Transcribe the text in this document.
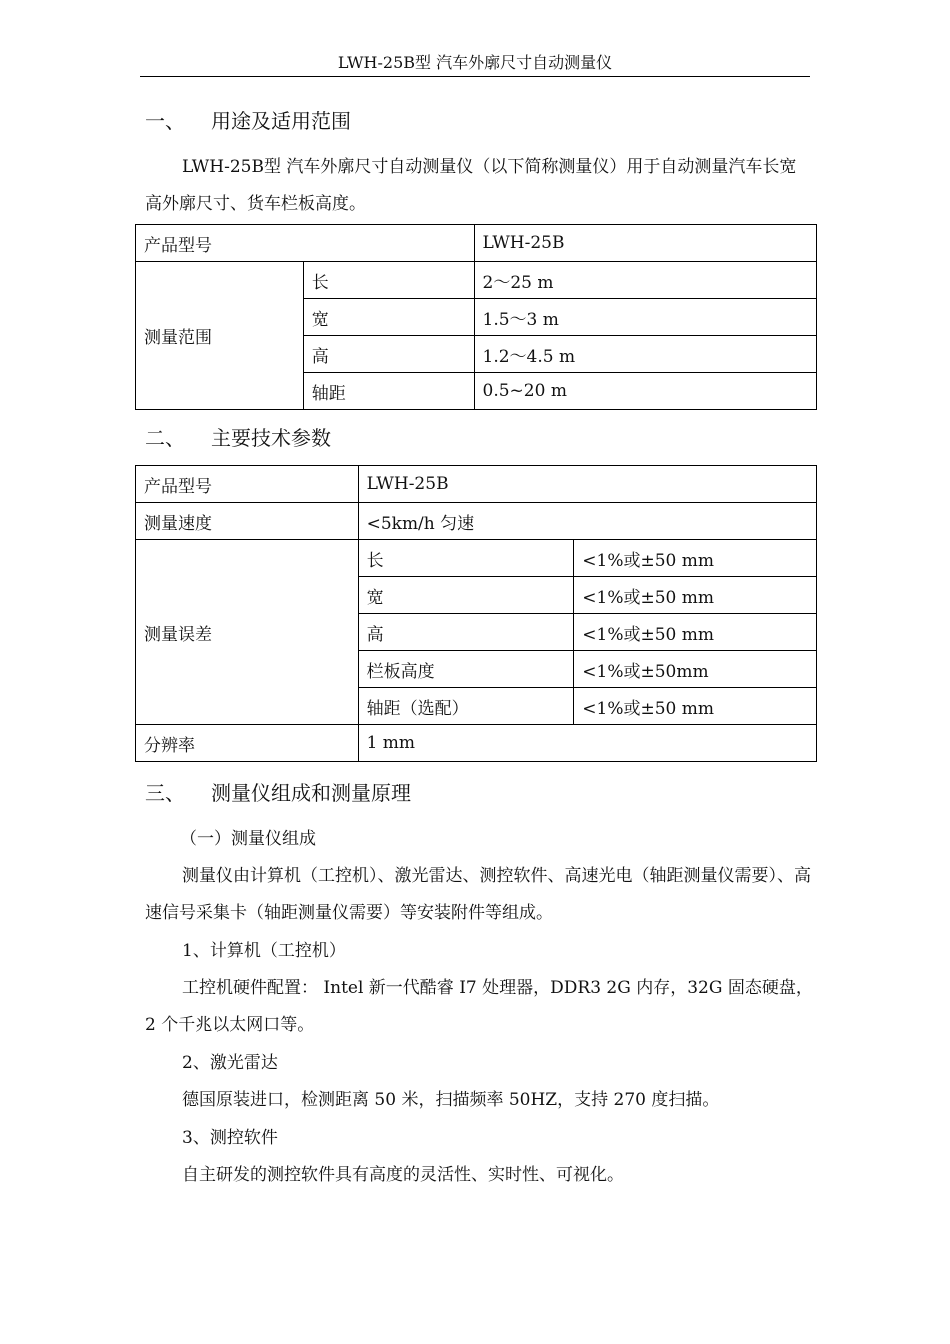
LWH-25B型 汽车外廓尺寸自动测量仪
一、 用途及适用范围
LWH-25B型 汽车外廓尺寸自动测量仪（以下简称测量仪）用于自动测量汽车长宽高外廓尺寸、货车栏板高度。
产品型号		LWH-25B
测量范围	长	2～25 m
	宽	1.5～3 m
	高	1.2～4.5 m
	轴距	0.5~20 m
二、 主要技术参数
产品型号	LWH-25B	
测量速度	<5km/h 匀速	
测量误差	长	<1%或±50 mm
	宽	<1%或±50 mm
	高	<1%或±50 mm
	栏板高度	<1%或±50mm
	轴距（选配）	<1%或±50 mm
分辨率	1 mm	
三、 测量仪组成和测量原理
（一）测量仪组成
测量仪由计算机（工控机）、激光雷达、测控软件、高速光电（轴距测量仪需要）、高速信号采集卡（轴距测量仪需要）等安装附件等组成。
1、计算机（工控机）
工控机硬件配置： Intel 新一代酷睿 I7 处理器，DDR3 2G 内存，32G 固态硬盘，2 个千兆以太网口等。
2、激光雷达
德国原装进口，检测距离 50 米，扫描频率 50HZ，支持 270 度扫描。
3、测控软件
自主研发的测控软件具有高度的灵活性、实时性、可视化。
